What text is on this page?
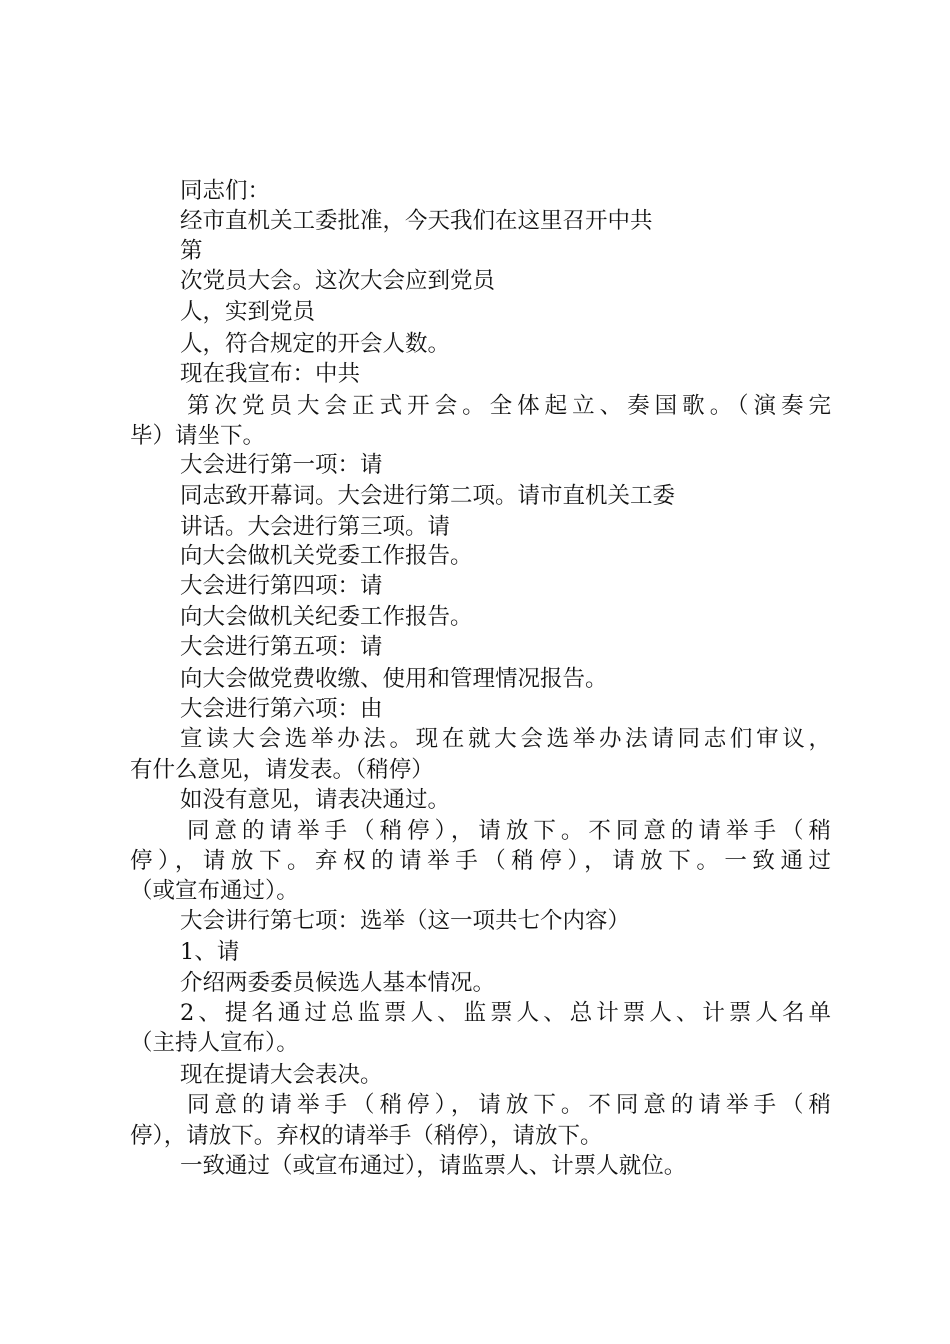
同志们：
经市直机关工委批准，今天我们在这里召开中共
第
次党员大会。这次大会应到党员
人，实到党员
人，符合规定的开会人数。
现在我宣布：中共
第次党员大会正式开会。全体起立、奏国歌。（演奏完
毕）请坐下。
大会进行第一项：请
同志致开幕词。大会进行第二项。请市直机关工委
讲话。大会进行第三项。请
向大会做机关党委工作报告。
大会进行第四项：请
向大会做机关纪委工作报告。
大会进行第五项：请
向大会做党费收缴、使用和管理情况报告。
大会进行第六项：由
宣读大会选举办法。现在就大会选举办法请同志们审议，
有什么意见，请发表。（稍停）
如没有意见，请表决通过。
同意的请举手（稍停），请放下。不同意的请举手（稍
停），请放下。弃权的请举手（稍停），请放下。一致通过
（或宣布通过）。
大会讲行第七项：选举（这一项共七个内容）
1、请
介绍两委委员候选人基本情况。
2、提名通过总监票人、监票人、总计票人、计票人名单
（主持人宣布）。
现在提请大会表决。
同意的请举手（稍停），请放下。不同意的请举手（稍
停），请放下。弃权的请举手（稍停），请放下。
一致通过（或宣布通过），请监票人、计票人就位。
